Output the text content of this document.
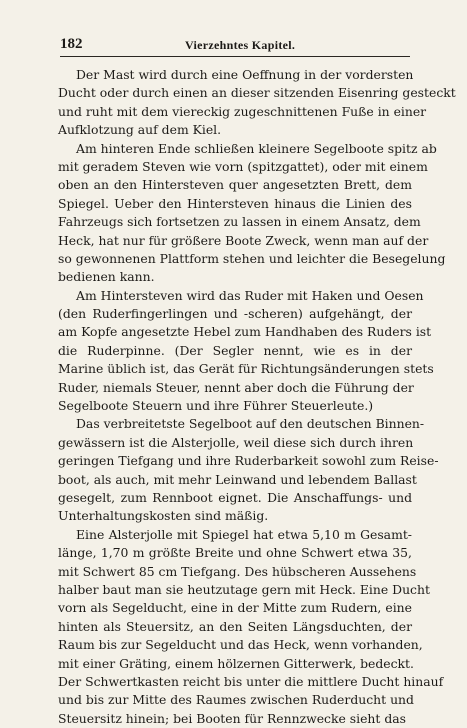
182	Vierzehntes Kapitel.
Der Mast wird durch eine Oeffnung in der vordersten
Ducht oder durch einen an dieser sitzenden Eisenring gesteckt
und ruht mit dem viereckig zugeschnittenen Fuße in einer
Aufklotzung auf dem Kiel.
Am hinteren Ende schließen kleinere Segelboote spitz ab
mit geradem Steven wie vorn (spitzgattet), oder mit einem
oben an den Hintersteven quer angesetzten Brett, dem
Spiegel. Ueber den Hintersteven hinaus die Linien des
Fahrzeugs sich fortsetzen zu lassen in einem Ansatz, dem
Heck, hat nur für größere Boote Zweck, wenn man auf der
so gewonnenen Plattform stehen und leichter die Besegelung
bedienen kann.
Am Hintersteven wird das Ruder mit Haken und Oesen
(den Ruderfingerlingen und -scheren) aufgehängt, der
am Kopfe angesetzte Hebel zum Handhaben des Ruders ist
die Ruderpinne. (Der Segler nennt, wie es in der
Marine üblich ist, das Gerät für Richtungsänderungen stets
Ruder, niemals Steuer, nennt aber doch die Führung der
Segelboote Steuern und ihre Führer Steuerleute.)
Das verbreitetste Segelboot auf den deutschen Binnen-
gewässern ist die Alsterjolle, weil diese sich durch ihren
geringen Tiefgang und ihre Ruderbarkeit sowohl zum Reise-
boot, als auch, mit mehr Leinwand und lebendem Ballast
gesegelt, zum Rennboot eignet. Die Anschaffungs- und
Unterhaltungskosten sind mäßig.
Eine Alsterjolle mit Spiegel hat etwa 5,10 m Gesamt-
länge, 1,70 m größte Breite und ohne Schwert etwa 35,
mit Schwert 85 cm Tiefgang. Des hübscheren Aussehens
halber baut man sie heutzutage gern mit Heck. Eine Ducht
vorn als Segelducht, eine in der Mitte zum Rudern, eine
hinten als Steuersitz, an den Seiten Längsduchten, der
Raum bis zur Segelducht und das Heck, wenn vorhanden,
mit einer Gräting, einem hölzernen Gitterwerk, bedeckt.
Der Schwertkasten reicht bis unter die mittlere Ducht hinauf
und bis zur Mitte des Raumes zwischen Ruderducht und
Steuersitz hinein; bei Booten für Rennzwecke sieht das
